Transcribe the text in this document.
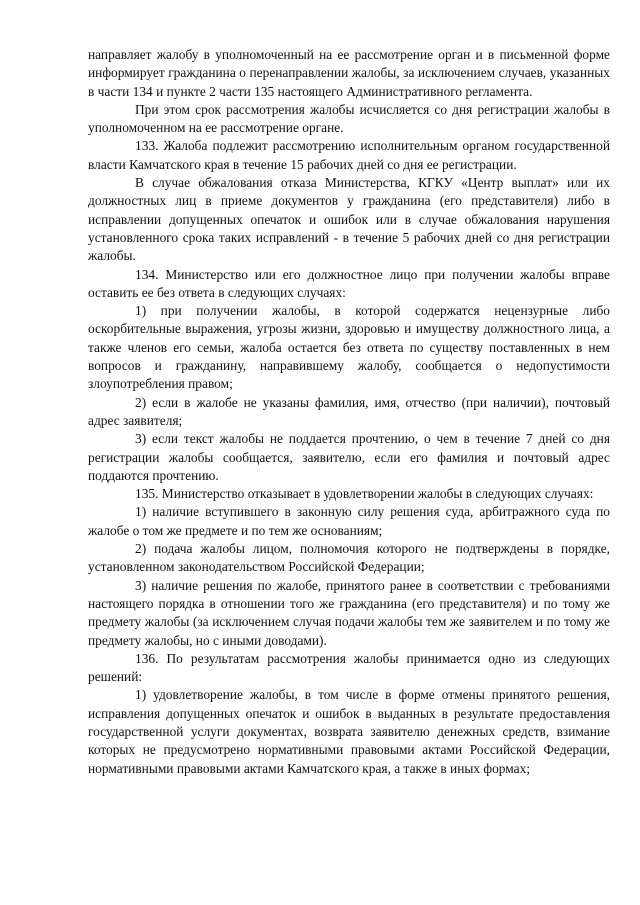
направляет жалобу в уполномоченный на ее рассмотрение орган и в письменной форме информирует гражданина о перенаправлении жалобы, за исключением случаев, указанных в части 134 и пункте 2 части 135 настоящего Административного регламента.

При этом срок рассмотрения жалобы исчисляется со дня регистрации жалобы в уполномоченном на ее рассмотрение органе.

133. Жалоба подлежит рассмотрению исполнительным органом государственной власти Камчатского края в течение 15 рабочих дней со дня ее регистрации.

В случае обжалования отказа Министерства, КГКУ «Центр выплат» или их должностных лиц в приеме документов у гражданина (его представителя) либо в исправлении допущенных опечаток и ошибок или в случае обжалования нарушения установленного срока таких исправлений - в течение 5 рабочих дней со дня регистрации жалобы.

134. Министерство или его должностное лицо при получении жалобы вправе оставить ее без ответа в следующих случаях:

1) при получении жалобы, в которой содержатся нецензурные либо оскорбительные выражения, угрозы жизни, здоровью и имуществу должностного лица, а также членов его семьи, жалоба остается без ответа по существу поставленных в нем вопросов и гражданину, направившему жалобу, сообщается о недопустимости злоупотребления правом;

2) если в жалобе не указаны фамилия, имя, отчество (при наличии), почтовый адрес заявителя;

3) если текст жалобы не поддается прочтению, о чем в течение 7 дней со дня регистрации жалобы сообщается, заявителю, если его фамилия и почтовый адрес поддаются прочтению.

135. Министерство отказывает в удовлетворении жалобы в следующих случаях:

1) наличие вступившего в законную силу решения суда, арбитражного суда по жалобе о том же предмете и по тем же основаниям;

2) подача жалобы лицом, полномочия которого не подтверждены в порядке, установленном законодательством Российской Федерации;

3) наличие решения по жалобе, принятого ранее в соответствии с требованиями настоящего порядка в отношении того же гражданина (его представителя) и по тому же предмету жалобы (за исключением случая подачи жалобы тем же заявителем и по тому же предмету жалобы, но с иными доводами).

136. По результатам рассмотрения жалобы принимается одно из следующих решений:

1) удовлетворение жалобы, в том числе в форме отмены принятого решения, исправления допущенных опечаток и ошибок в выданных в результате предоставления государственной услуги документах, возврата заявителю денежных средств, взимание которых не предусмотрено нормативными правовыми актами Российской Федерации, нормативными правовыми актами Камчатского края, а также в иных формах;
